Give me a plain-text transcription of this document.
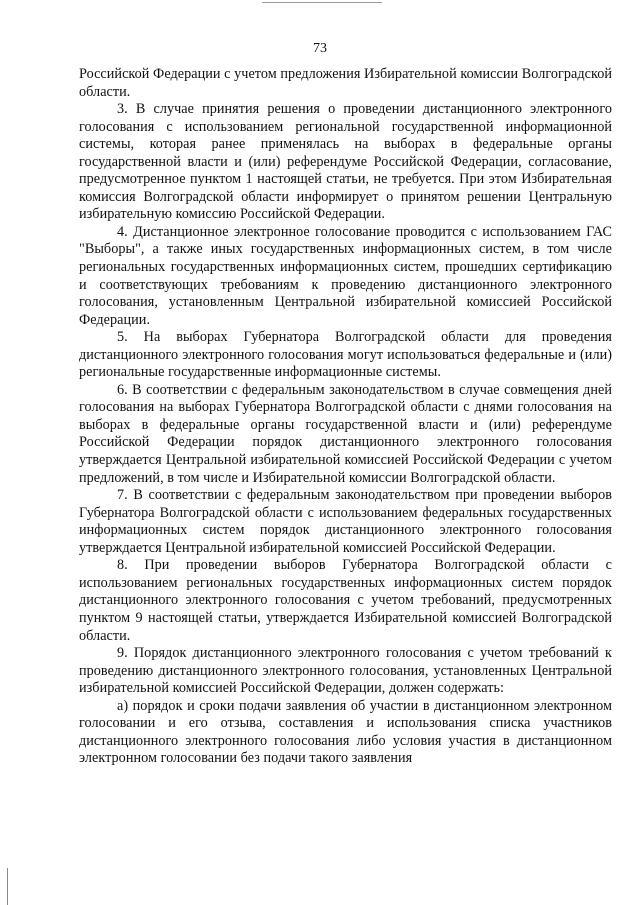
73

Российской Федерации с учетом предложения Избирательной комиссии Волгоградской области.

3. В случае принятия решения о проведении дистанционного электронного голосования с использованием региональной государственной информационной системы, которая ранее применялась на выборах в федеральные органы государственной власти и (или) референдуме Российской Федерации, согласование, предусмотренное пунктом 1 настоящей статьи, не требуется. При этом Избирательная комиссия Волгоградской области информирует о принятом решении Центральную избирательную комиссию Российской Федерации.

4. Дистанционное электронное голосование проводится с использованием ГАС "Выборы", а также иных государственных информационных систем, в том числе региональных государственных информационных систем, прошедших сертификацию и соответствующих требованиям к проведению дистанционного электронного голосования, установленным Центральной избирательной комиссией Российской Федерации.

5. На выборах Губернатора Волгоградской области для проведения дистанционного электронного голосования могут использоваться федеральные и (или) региональные государственные информационные системы.

6. В соответствии с федеральным законодательством в случае совмещения дней голосования на выборах Губернатора Волгоградской области с днями голосования на выборах в федеральные органы государственной власти и (или) референдуме Российской Федерации порядок дистанционного электронного голосования утверждается Центральной избирательной комиссией Российской Федерации с учетом предложений, в том числе и Избирательной комиссии Волгоградской области.

7. В соответствии с федеральным законодательством при проведении выборов Губернатора Волгоградской области с использованием федеральных государственных информационных систем порядок дистанционного электронного голосования утверждается Центральной избирательной комиссией Российской Федерации.

8. При проведении выборов Губернатора Волгоградской области с использованием региональных государственных информационных систем порядок дистанционного электронного голосования с учетом требований, предусмотренных пунктом 9 настоящей статьи, утверждается Избирательной комиссией Волгоградской области.

9. Порядок дистанционного электронного голосования с учетом требований к проведению дистанционного электронного голосования, установленных Центральной избирательной комиссией Российской Федерации, должен содержать:

а) порядок и сроки подачи заявления об участии в дистанционном электронном голосовании и его отзыва, составления и использования списка участников дистанционного электронного голосования либо условия участия в дистанционном электронном голосовании без подачи такого заявления
